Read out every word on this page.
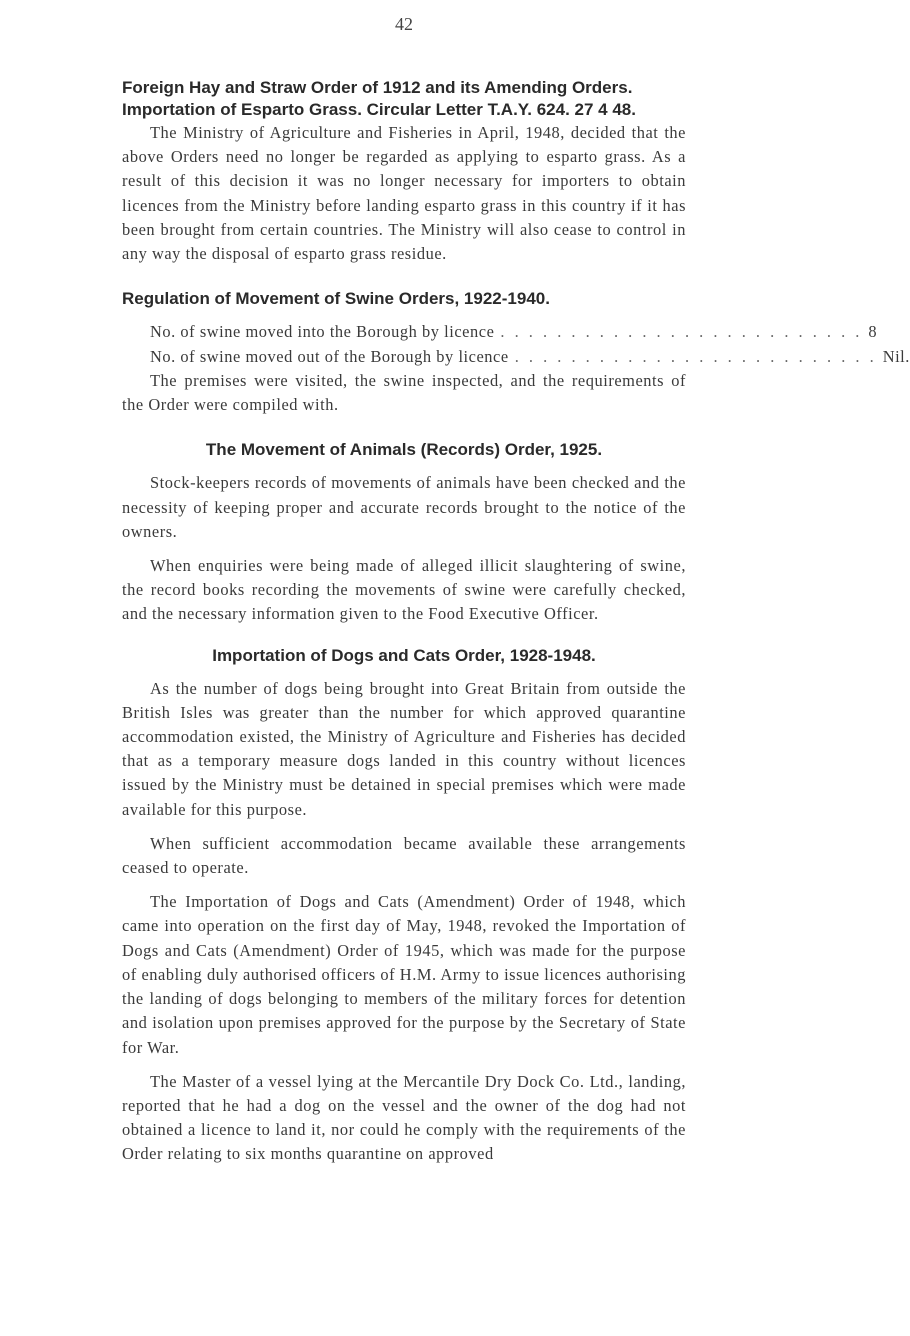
42

Foreign Hay and Straw Order of 1912 and its Amending Orders.

Importation of Esparto Grass. Circular Letter T.A.Y. 624. 27 4 48.

The Ministry of Agriculture and Fisheries in April, 1948, decided that the above Orders need no longer be regarded as applying to esparto grass. As a result of this decision it was no longer necessary for importers to obtain licences from the Ministry before landing esparto grass in this country if it has been brought from certain countries. The Ministry will also cease to control in any way the disposal of esparto grass residue.

Regulation of Movement of Swine Orders, 1922-1940.

No. of swine moved into the Borough by licence . . . . . . . . . . . . . . . . . . . . . . . . . . 8
No. of swine moved out of the Borough by licence . . . . . . . . . . . . . . . . . . . . . . . . . . Nil.

The premises were visited, the swine inspected, and the requirements of the Order were compiled with.

The Movement of Animals (Records) Order, 1925.

Stock-keepers records of movements of animals have been checked and the necessity of keeping proper and accurate records brought to the notice of the owners.

When enquiries were being made of alleged illicit slaughtering of swine, the record books recording the movements of swine were carefully checked, and the necessary information given to the Food Executive Officer.

Importation of Dogs and Cats Order, 1928-1948.

As the number of dogs being brought into Great Britain from outside the British Isles was greater than the number for which approved quarantine accommodation existed, the Ministry of Agriculture and Fisheries has decided that as a temporary measure dogs landed in this country without licences issued by the Ministry must be detained in special premises which were made available for this purpose.

When sufficient accommodation became available these arrangements ceased to operate.

The Importation of Dogs and Cats (Amendment) Order of 1948, which came into operation on the first day of May, 1948, revoked the Importation of Dogs and Cats (Amendment) Order of 1945, which was made for the purpose of enabling duly authorised officers of H.M. Army to issue licences authorising the landing of dogs belonging to members of the military forces for detention and isolation upon premises approved for the purpose by the Secretary of State for War.

The Master of a vessel lying at the Mercantile Dry Dock Co. Ltd., landing, reported that he had a dog on the vessel and the owner of the dog had not obtained a licence to land it, nor could he comply with the requirements of the Order relating to six months quarantine on approved
